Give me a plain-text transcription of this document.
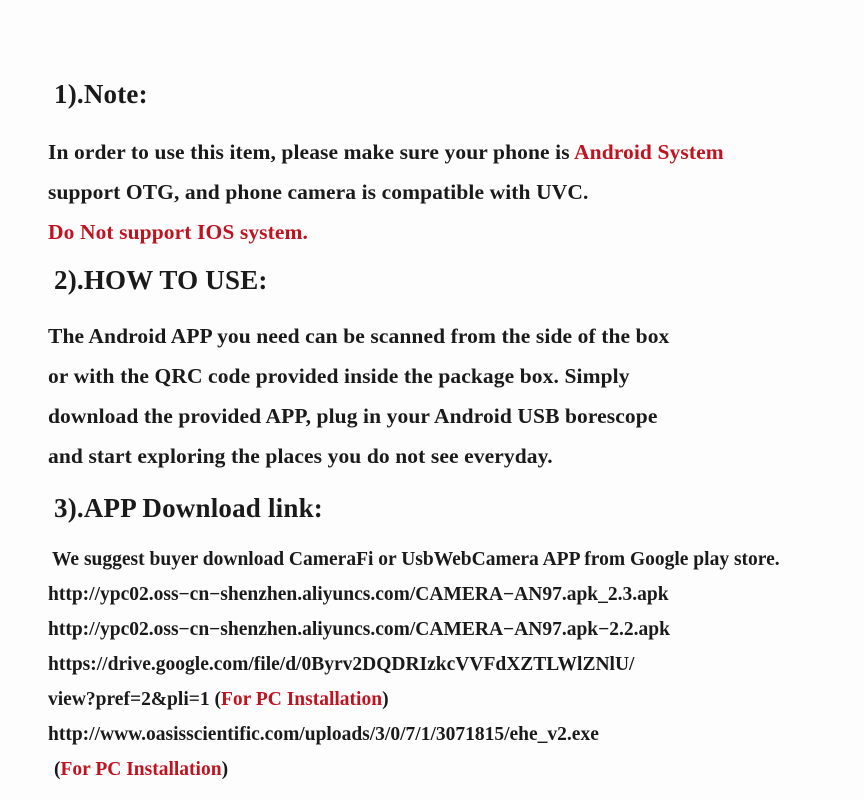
1).Note:
In order to use this item, please make sure your phone is Android System
support OTG, and phone camera is compatible with UVC.
Do Not support IOS system.
2).HOW TO USE:
The Android APP you need can be scanned from the side of the box
or with the QRC code provided inside the package box. Simply
download the provided APP, plug in your Android USB borescope
and start exploring the places you do not see everyday.
3).APP Download link:
We suggest buyer download CameraFi or UsbWebCamera APP from Google play store.
http://ypc02.oss−cn−shenzhen.aliyuncs.com/CAMERA−AN97.apk_2.3.apk
http://ypc02.oss−cn−shenzhen.aliyuncs.com/CAMERA−AN97.apk−2.2.apk
https://drive.google.com/file/d/0Byrv2DQDRIzkcVVFdXZTLWlZNlU/
view?pref=2&pli=1 (For PC Installation)
http://www.oasisscientific.com/uploads/3/0/7/1/3071815/ehe_v2.exe
(For PC Installation)
